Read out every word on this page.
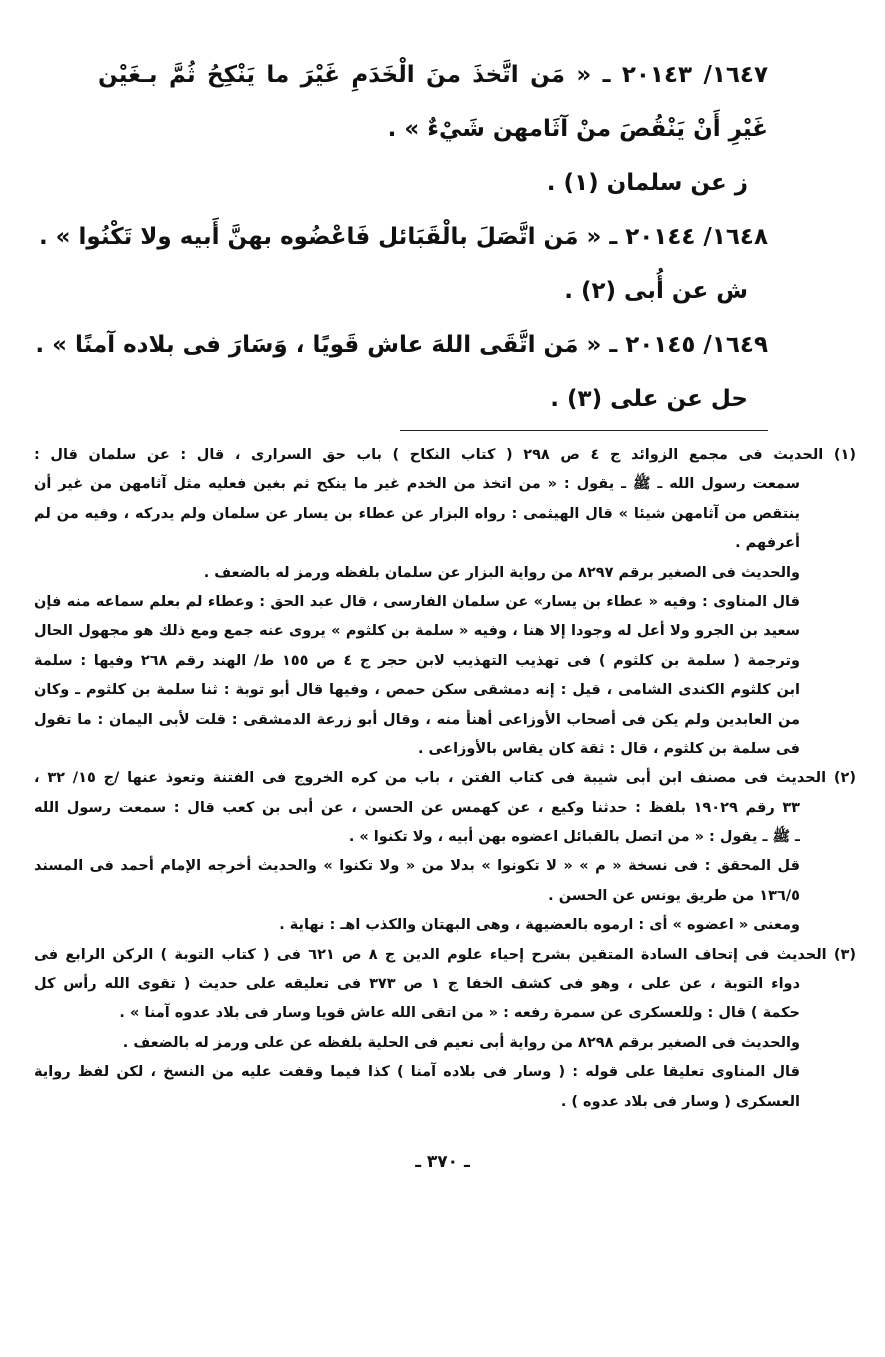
١٦٤٧/ ٢٠١٤٣ ـ « مَن اتَّخذَ منَ الْخَدَمِ غَيْرَ ما يَنْكِحُ ثُمَّ بـغَيْن
غَيْرِ أَنْ يَنْقُصَ منْ آثَامهن شَيْءٌ » .
ز عن سلمان (١) .
١٦٤٨/ ٢٠١٤٤ ـ « مَن اتَّصَلَ بالْقَبَائل فَاعْضُوه بهنَّ أَبيه ولا تَكْنُوا » .
ش عن أُبى (٢) .
١٦٤٩/ ٢٠١٤٥ ـ « مَن اتَّقَى اللهَ عاش قَويًا ، وَسَارَ فى بلاده آمنًا » .
حل عن على (٣) .
(١) الحديث فى مجمع الزوائد ج ٤ ص ٢٩٨ ( كتاب النكاح ) باب حق السرارى ، قال : عن سلمان قال :
سمعت رسول الله ـ ﷺ ـ يقول : « من اتخذ من الخدم غير ما ينكح ثم بغين فعليه مثل آثامهن من غير أن
ينتقص من آثامهن شيئا » قال الهيثمى : رواه البزار عن عطاء بن يسار عن سلمان ولم يدركه ، وفيه من لم
أعرفهم .
والحديث فى الصغير برقم ٨٢٩٧ من رواية البزار عن سلمان بلفظه ورمز له بالضعف .
قال المناوى : وفيه « عطاء بن يسار» عن سلمان الفارسى ، قال عبد الحق : وعطاء لم بعلم سماعه منه فإن
سعيد بن الجرو ولا أعل له وجودا إلا هنا ، وفيه « سلمة بن كلثوم » يروى عنه جمع ومع ذلك هو مجهول الحال
وترجمة ( سلمة بن كلثوم ) فى تهذيب التهذيب لابن حجر ج ٤ ص ١٥٥ ط/ الهند رقم ٢٦٨ وفيها : سلمة
ابن كلثوم الكندى الشامى ، قيل : إنه دمشقى سكن حمص ، وفيها قال أبو توبة : ثنا سلمة بن كلثوم ـ وكان
من العابدين ولم يكن فى أصحاب الأوزاعى أهنأ منه ، وقال أبو زرعة الدمشقى : قلت لأبى اليمان : ما تقول
فى سلمة بن كلثوم ، قال : ثقة كان يقاس بالأوزاعى .
(٢) الحديث فى مصنف ابن أبى شيبة فى كتاب الفتن ، باب من كره الخروج فى الفتنة وتعوذ عنها /ج ١٥/ ٣٢ ،
٣٣ رقم ١٩٠٢٩ بلفظ : حدثنا وكيع ، عن كهمس عن الحسن ، عن أبى بن كعب قال : سمعت رسول الله
ـ ﷺ ـ يقول : « من اتصل بالقبائل اعضوه بهن أبيه ، ولا تكنوا » .
قل المحقق : فى نسخة « م » « لا تكونوا » بدلا من « ولا تكنوا » والحديث أخرجه الإمام أحمد فى المسند
١٣٦/٥ من طريق يونس عن الحسن .
ومعنى « اعضوه » أى : ارموه بالعضيهة ، وهى البهتان والكذب اهـ : نهاية .
(٣) الحديث فى إتحاف السادة المتقين بشرح إحياء علوم الدين ج ٨ ص ٦٢١ فى ( كتاب التوبة ) الركن الرابع فى
دواء التوبة ، عن على ، وهو فى كشف الخفا ج ١ ص ٣٧٣ فى تعليقه على حديث ( تقوى الله رأس كل
حكمة ) قال : وللعسكرى عن سمرة رفعه : « من اتقى الله عاش قويا وسار فى بلاد عدوه آمنا » .
والحديث فى الصغير برقم ٨٢٩٨ من رواية أبى نعيم فى الحلية بلفظه عن على ورمز له بالضعف .
قال المناوى تعليقا على قوله : ( وسار فى بلاده آمنا ) كذا فيما وقفت عليه من النسخ ، لكن لفظ رواية
العسكرى ( وسار فى بلاد عدوه ) .
ـ ٣٧٠ ـ
